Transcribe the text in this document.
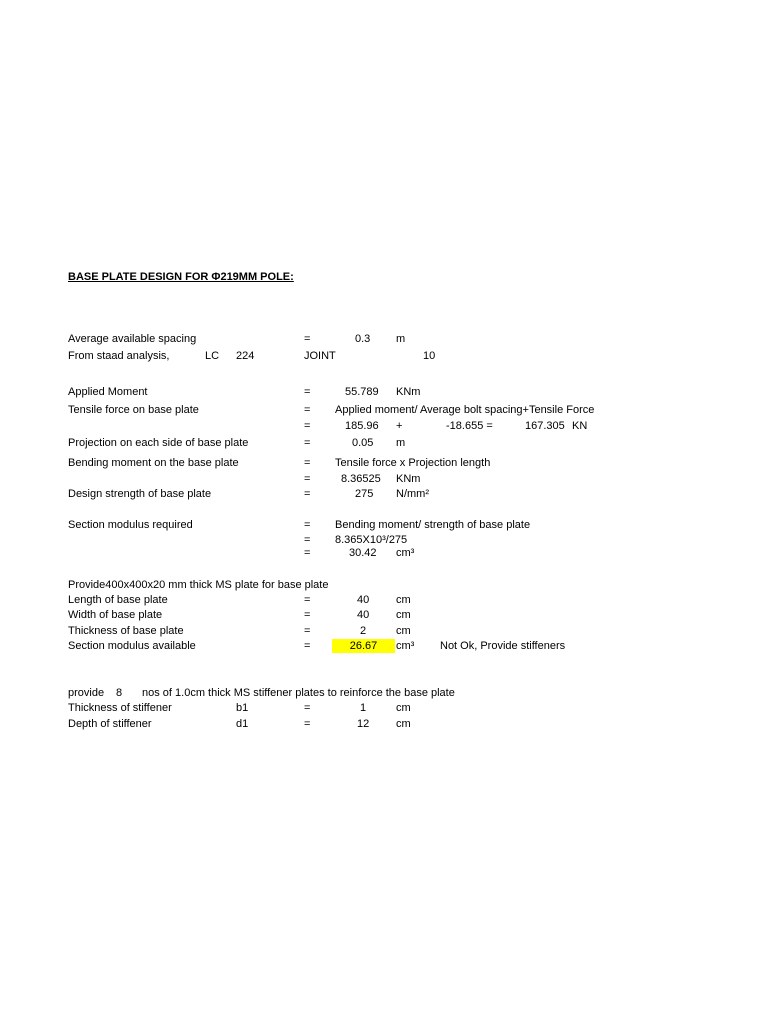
BASE PLATE DESIGN FOR Φ219MM POLE:
Average available spacing	=	0.3 m
From staad analysis,	LC 224	JOINT	10
Applied Moment	=	55.789 KNm
Tensile force on base plate	= Applied moment/ Average bolt spacing+Tensile Force
=	185.96 +	-18.655 =	167.305 KN
Projection on each side of base plate	=	0.05 m
Bending moment on the base plate	= Tensile force x Projection length
=	8.36525 KNm
Design strength of base plate	=	275 N/mm²
Section modulus required	= Bending moment/ strength of base plate
= 8.365X10³/275
=	30.42 cm³
Provide400x400x20 mm thick MS plate for base plate
Length of base plate	=	40 cm
Width of base plate	=	40 cm
Thickness of base plate	=	2	cm
Section modulus available	=	26.67	cm³ Not Ok, Provide stiffeners
provide 8 nos of 1.0cm thick MS stiffener plates to reinforce the base plate
Thickness of stiffener	b1	=	1	cm
Depth of stiffener	d1	=	12 cm
